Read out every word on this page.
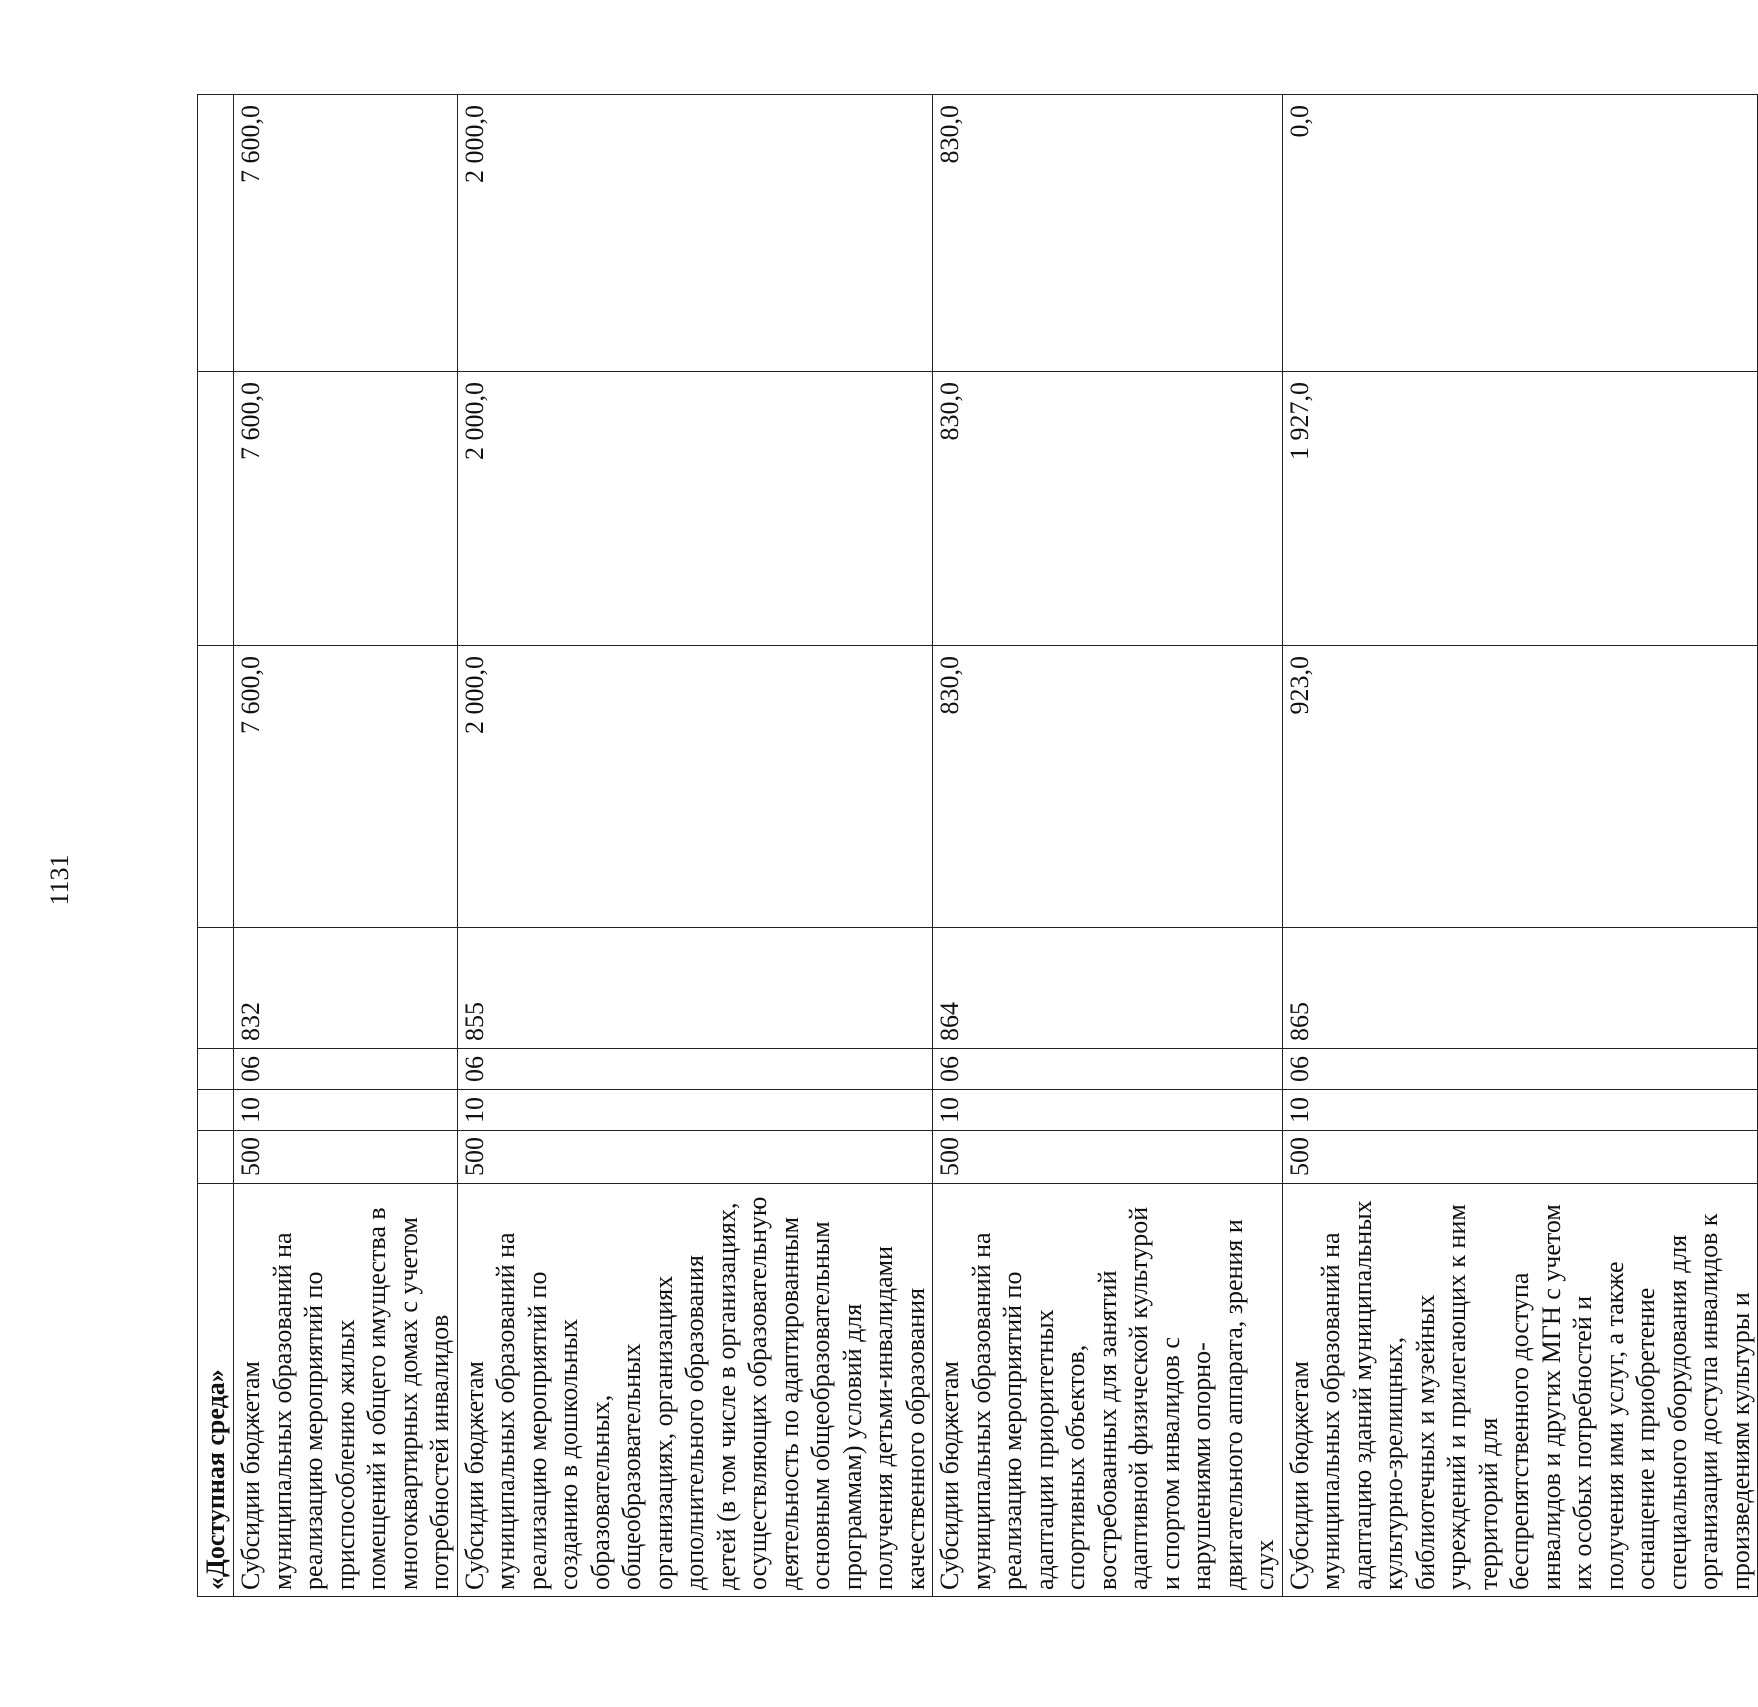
1131
«Доступная среда»							
Субсидии бюджетам муниципальных образований на реализацию мероприятий по приспособлению жилых помещений и общего имущества в многоквартирных домах с учетом потребностей инвалидов	500	10	06	832	7 600,0	7 600,0	7 600,0
Субсидии бюджетам муниципальных образований на реализацию мероприятий по созданию в дошкольных образовательных, общеобразовательных организациях, организациях дополнительного образования детей (в том числе в организациях, осуществляющих образовательную деятельность по адаптированным основным общеобразовательным программам) условий для получения детьми-инвалидами качественного образования	500	10	06	855	2 000,0	2 000,0	2 000,0
Субсидии бюджетам муниципальных образований на реализацию мероприятий по адаптации приоритетных спортивных объектов, востребованных для занятий адаптивной физической культурой и спортом инвалидов с нарушениями опорно-двигательного аппарата, зрения и слух	500	10	06	864	830,0	830,0	830,0
Субсидии бюджетам муниципальных образований на адаптацию зданий муниципальных культурно-зрелищных, библиотечных и музейных учреждений и прилегающих к ним территорий для беспрепятственного доступа инвалидов и других МГН с учетом их особых потребностей и получения ими услуг, а также оснащение и приобретение специального оборудования для организации доступа инвалидов к произведениям культуры и	500	10	06	865	923,0	1 927,0	0,0
